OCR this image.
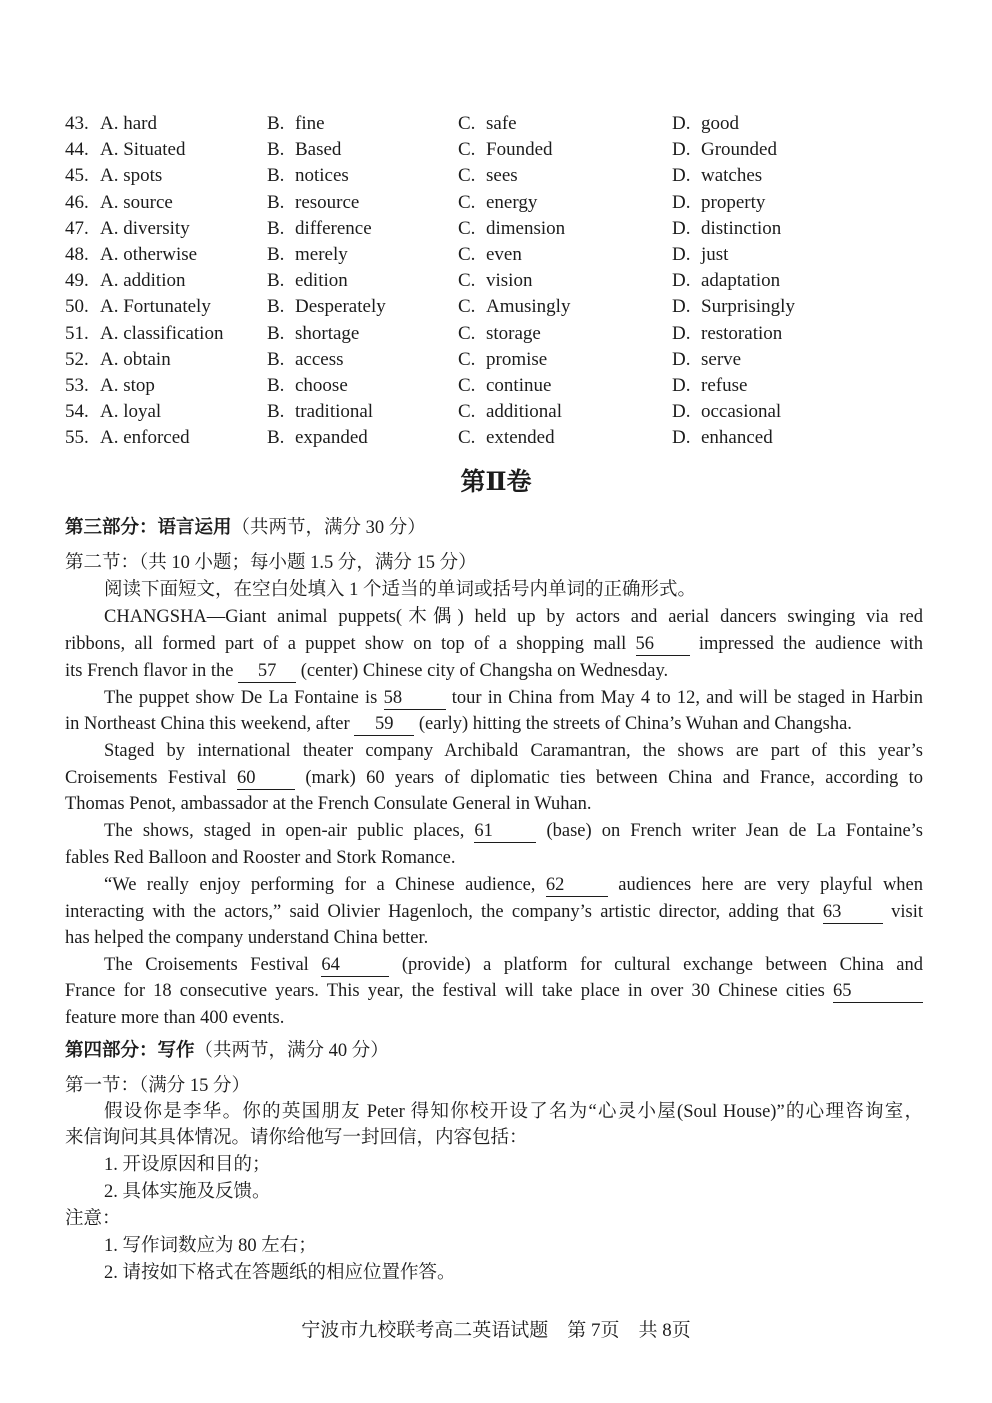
43. A. hard	B. fine	C. safe	D. good
44. A. Situated	B. Based	C. Founded	D. Grounded
45. A. spots	B. notices	C. sees	D. watches
46. A. source	B. resource	C. energy	D. property
47. A. diversity	B. difference	C. dimension	D. distinction
48. A. otherwise	B. merely	C. even	D. just
49. A. addition	B. edition	C. vision	D. adaptation
50. A. Fortunately	B. Desperately	C. Amusingly	D. Surprisingly
51. A. classification B. shortage	C. storage	D. restoration
52. A. obtain	B. access	C. promise	D. serve
53. A. stop	B. choose	C. continue	D. refuse
54. A. loyal	B. traditional	C. additional	D. occasional
55. A. enforced	B. expanded	C. extended	D. enhanced
第Ⅱ卷
第三部分：语言运用（共两节，满分 30 分）
第二节：（共 10 小题；每小题 1.5 分，满分 15 分）
阅读下面短文，在空白处填入 1 个适当的单词或括号内单词的正确形式。
CHANGSHA—Giant animal puppets(木偶) held up by actors and aerial dancers swinging via red
ribbons, all formed part of a puppet show on top of a shopping mall 56 impressed the audience with
its French flavor in the 57 (center) Chinese city of Changsha on Wednesday.
The puppet show De La Fontaine is 58	tour in China from May 4 to 12, and will be staged in Harbin
in Northeast China this weekend, after 59 (early) hitting the streets of China’s Wuhan and Changsha.
Staged by international theater company Archibald Caramantran, the shows are part of this year’s
Croisements Festival 60	(mark) 60 years of diplomatic ties between China and France, according to
Thomas Penot, ambassador at the French Consulate General in Wuhan.
The shows, staged in open-air public places, 61	(base) on French writer Jean de La Fontaine’s
fables Red Balloon and Rooster and Stork Romance.
“We really enjoy performing for a Chinese audience, 62	audiences here are very playful when
interacting with the actors,” said Olivier Hagenloch, the company’s artistic director, adding that 63	visit
has helped the company understand China better.
The Croisements Festival 64	(provide) a platform for cultural exchange between China and
France for 18 consecutive years. This year, the festival will take place in over 30 Chinese cities 65
feature more than 400 events.
第四部分：写作（共两节，满分 40 分）
第一节：（满分 15 分）
假设你是李华。你的英国朋友 Peter 得知你校开设了名为“心灵小屋(Soul House)”的心理咨询室，
来信询问其具体情况。请你给他写一封回信，内容包括：
1. 开设原因和目的；
2. 具体实施及反馈。
注意：
1. 写作词数应为 80 左右；
2. 请按如下格式在答题纸的相应位置作答。
宁波市九校联考高二英语试题　第 7页　共 8页
